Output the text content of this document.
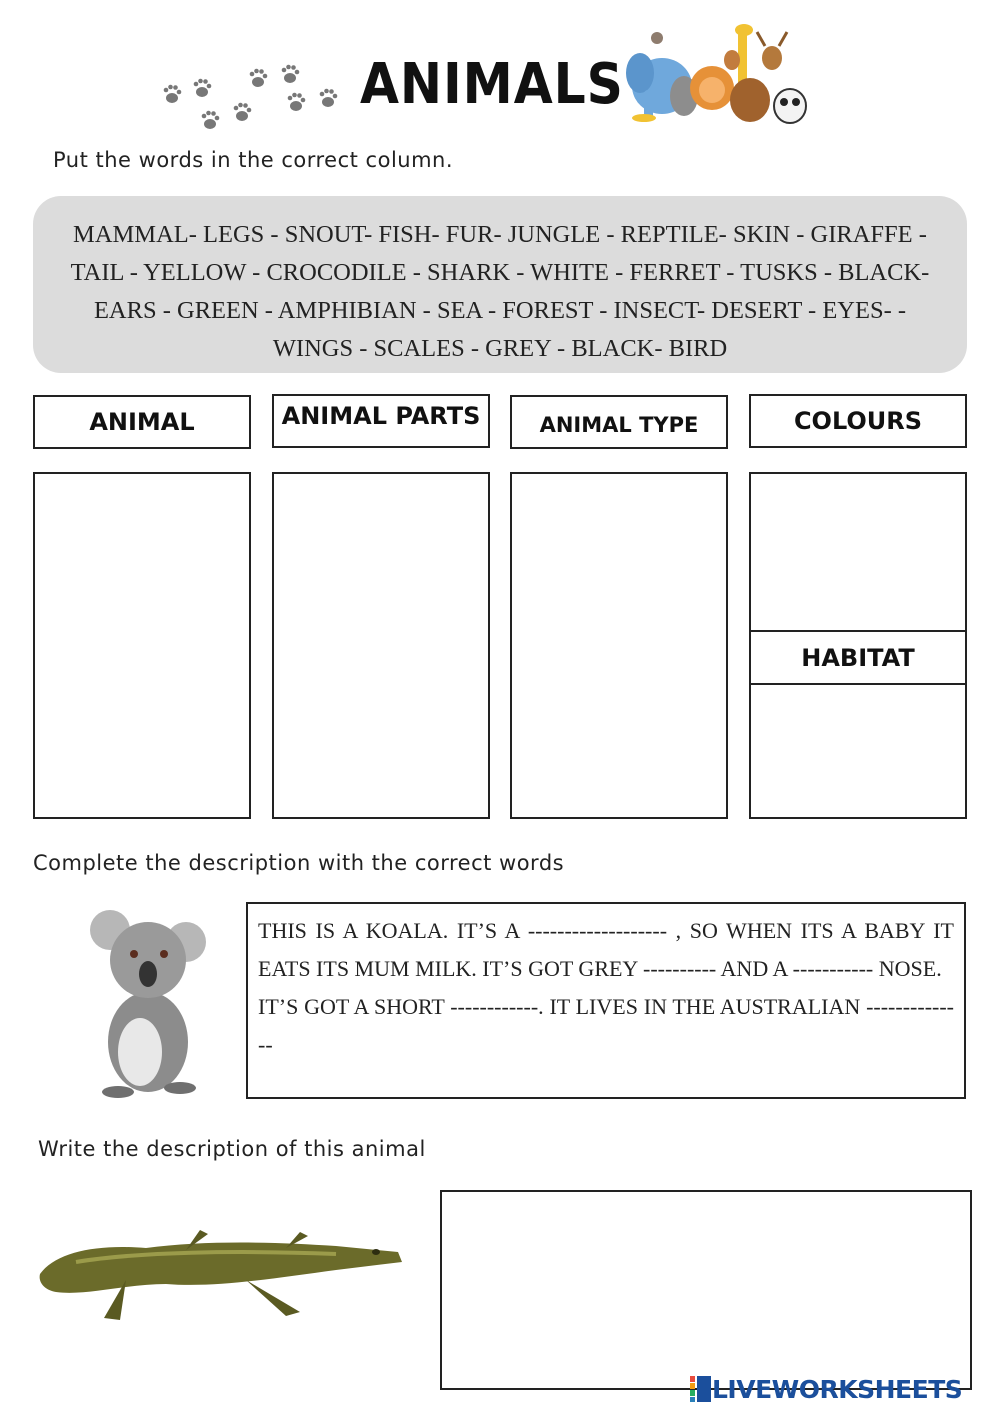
ANIMALS
Put the words in the correct column.

MAMMAL- LEGS - SNOUT- FISH- FUR- JUNGLE - REPTILE- SKIN - GIRAFFE -
TAIL - YELLOW - CROCODILE - SHARK - WHITE - FERRET - TUSKS - BLACK-
EARS - GREEN - AMPHIBIAN - SEA - FOREST - INSECT- DESERT - EYES- -
WINGS - SCALES - GREY - BLACK- BIRD

ANIMAL	ANIMAL PARTS	ANIMAL TYPE	COLOURS
HABITAT
Complete the description with the correct words

THIS IS A KOALA. IT’S A ------------------- , SO WHEN ITS A BABY IT EATS ITS MUM MILK. IT’S GOT GREY ---------- AND A ----------- NOSE.

IT’S GOT A SHORT ------------. IT LIVES IN THE AUSTRALIAN --------------

Write the description of this animal
LIVEWORKSHEETS
